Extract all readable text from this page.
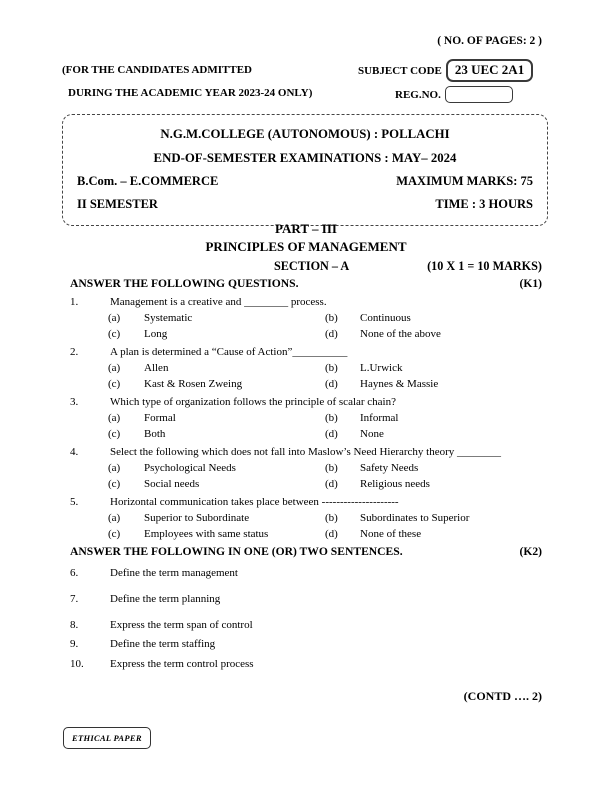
( NO. OF PAGES: 2 )
(FOR THE CANDIDATES ADMITTED
DURING THE ACADEMIC YEAR 2023-24 ONLY)
SUBJECT CODE	23 UEC 2A1
REG.NO.
N.G.M.COLLEGE (AUTONOMOUS) : POLLACHI
END-OF-SEMESTER EXAMINATIONS : MAY– 2024
B.Com. – E.COMMERCE	MAXIMUM MARKS: 75
II SEMESTER	TIME : 3 HOURS
PART – III
PRINCIPLES OF MANAGEMENT
SECTION – A	(10 X 1 = 10 MARKS)
ANSWER THE FOLLOWING QUESTIONS.	(K1)
1.	Management is a creative and ________ process.
(a)	Systematic	(b)	Continuous
(c)	Long	(d)	None of the above
2.	A plan is determined a “Cause of Action”__________
(a)	Allen	(b)	L.Urwick
(c)	Kast & Rosen Zweing	(d)	Haynes & Massie
3.	Which type of organization follows the principle of scalar chain?
(a)	Formal	(b)	Informal
(c)	Both	(d)	None
4.	Select the following which does not fall into Maslow’s Need Hierarchy theory ________
(a)	Psychological Needs	(b)	Safety Needs
(c)	Social needs	(d)	Religious needs
5.	Horizontal communication takes place between ---------------------
(a)	Superior to Subordinate	(b)	Subordinates to Superior
(c)	Employees with same status	(d)	None of these
ANSWER THE FOLLOWING IN ONE (OR) TWO SENTENCES.	(K2)
6.	Define the term management
7.	Define the term planning
8.	Express the term span of control
9.	Define the term staffing
10.	Express the term control process
(CONTD …. 2)
ETHICAL PAPER
